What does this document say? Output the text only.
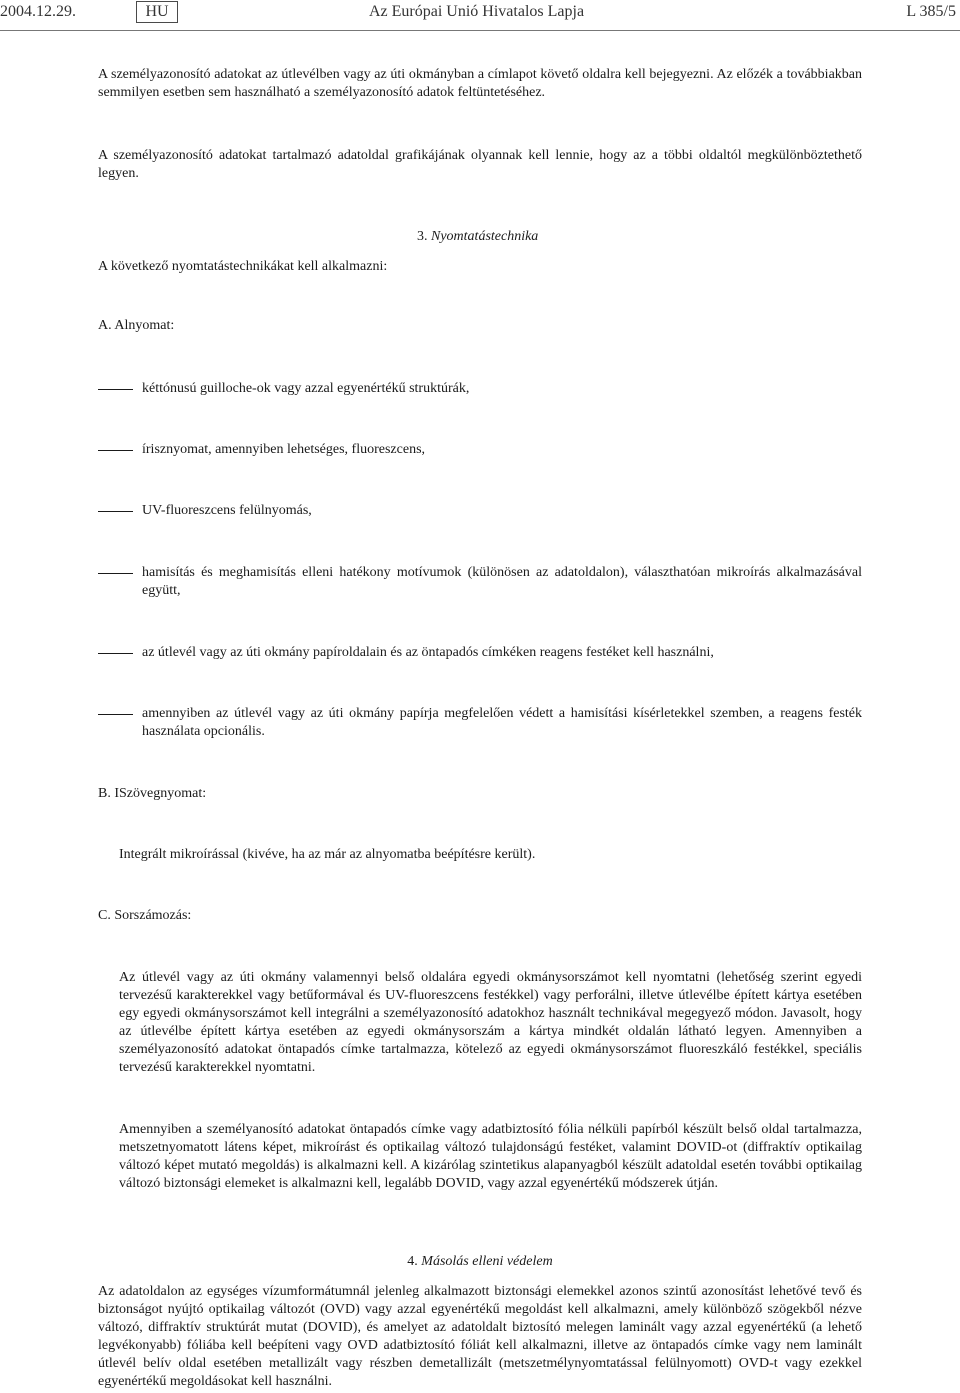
2004.12.29.	HU	Az Európai Unió Hivatalos Lapja	L 385/5
A személyazonosító adatokat az útlevélben vagy az úti okmányban a címlapot követő oldalra kell bejegyezni. Az előzék a továbbiakban semmilyen esetben sem használható a személyazonosító adatok feltüntetéséhez.
A személyazonosító adatokat tartalmazó adatoldal grafikájának olyannak kell lennie, hogy az a többi oldaltól megkülönböztethető legyen.
3. Nyomtatástechnika
A következő nyomtatástechnikákat kell alkalmazni:
A. Alnyomat:
kéttónusú guilloche-ok vagy azzal egyenértékű struktúrák,
írisznyomat, amennyiben lehetséges, fluoreszcens,
UV-fluoreszcens felülnyomás,
hamisítás és meghamisítás elleni hatékony motívumok (különösen az adatoldalon), választhatóan mikroírás alkalmazásával együtt,
az útlevél vagy az úti okmány papíroldalain és az öntapadós címkéken reagens festéket kell használni,
amennyiben az útlevél vagy az úti okmány papírja megfelelően védett a hamisítási kísérletekkel szemben, a reagens festék használata opcionális.
B. ISzövegnyomat:
Integrált mikroírással (kivéve, ha az már az alnyomatba beépítésre került).
C. Sorszámozás:
Az útlevél vagy az úti okmány valamennyi belső oldalára egyedi okmánysorszámot kell nyomtatni (lehetőség szerint egyedi tervezésű karakterekkel vagy betűformával és UV-fluoreszcens festékkel) vagy perforálni, illetve útlevélbe épített kártya esetében egy egyedi okmánysorszámot kell integrálni a személyazonosító adatokhoz használt technikával megegyező módon. Javasolt, hogy az útlevélbe épített kártya esetében az egyedi okmánysorszám a kártya mindkét oldalán látható legyen. Amennyiben a személyazonosító adatokat öntapadós címke tartalmazza, kötelező az egyedi okmánysorszámot fluoreszkáló festékkel, speciális tervezésű karakterekkel nyomtatni.
Amennyiben a személyanosító adatokat öntapadós címke vagy adatbiztosító fólia nélküli papírból készült belső oldal tartalmazza, metszetnyomatott látens képet, mikroírást és optikailag változó tulajdonságú festéket, valamint DOVID-ot (diffraktív optikailag változó képet mutató megoldás) is alkalmazni kell. A kizárólag szintetikus alapanyagból készült adatoldal esetén további optikailag változó biztonsági elemeket is alkalmazni kell, legalább DOVID, vagy azzal egyenértékű módszerek útján.
4. Másolás elleni védelem
Az adatoldalon az egységes vízumformátumnál jelenleg alkalmazott biztonsági elemekkel azonos szintű azonosítást lehetővé tevő és biztonságot nyújtó optikailag változót (OVD) vagy azzal egyenértékű megoldást kell alkalmazni, amely különböző szögekből nézve változó, diffraktív struktúrát mutat (DOVID), és amelyet az adatoldalt biztosító melegen laminált vagy azzal egyenértékű (a lehető legvékonyabb) fóliába kell beépíteni vagy OVD adatbiztosító fóliát kell alkalmazni, illetve az öntapadós címke vagy nem laminált útlevél belív oldal esetében metallizált vagy részben demetallizált (metszetmélynyomtatással felülnyomott) OVD-t vagy ezekkel egyenértékű megoldásokat kell használni.
